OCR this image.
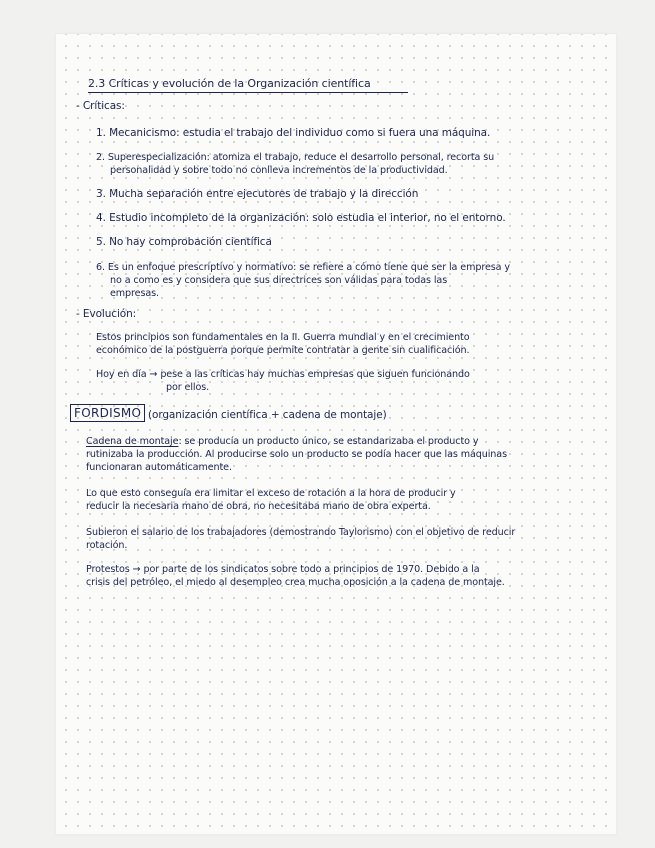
2.3 Críticas y evolución de la Organización científica
- Críticas:
1. Mecanicismo: estudia el trabajo del individuo como si fuera una máquina.
2. Superespecialización: atomiza el trabajo, reduce el desarrollo personal, recorta su
personalidad y sobre todo no conlleva incrementos de la productividad.
3. Mucha separación entre ejecutores de trabajo y la dirección
4. Estudio incompleto de la organización: solo estudia el interior, no el entorno.
5. No hay comprobación científica
6. Es un enfoque prescriptivo y normativo: se refiere a cómo tiene que ser la empresa y
no a como es y considera que sus directrices son válidas para todas las
empresas.
- Evolución:
Estos principios son fundamentales en la II. Guerra mundial y en el crecimiento
económico de la postguerra porque permite contratar a gente sin cualificación.
Hoy en día → pese a las críticas hay muchas empresas que siguen funcionando
por ellos.
FORDISMO (organización científica + cadena de montaje)
Cadena de montaje: se producía un producto único, se estandarizaba el producto y
rutinizaba la producción. Al producirse solo un producto se podía hacer que las máquinas
funcionaran automáticamente.
Lo que esto conseguía era limitar el exceso de rotación a la hora de producir y
reducir la necesaria mano de obra, no necesitaba mano de obra experta.
Subieron el salario de los trabajadores (demostrando Taylorismo) con el objetivo de reducir
rotación.
Protestos → por parte de los sindicatos sobre todo a principios de 1970. Debido a la
crisis del petróleo, el miedo al desempleo crea mucha oposición a la cadena de montaje.
